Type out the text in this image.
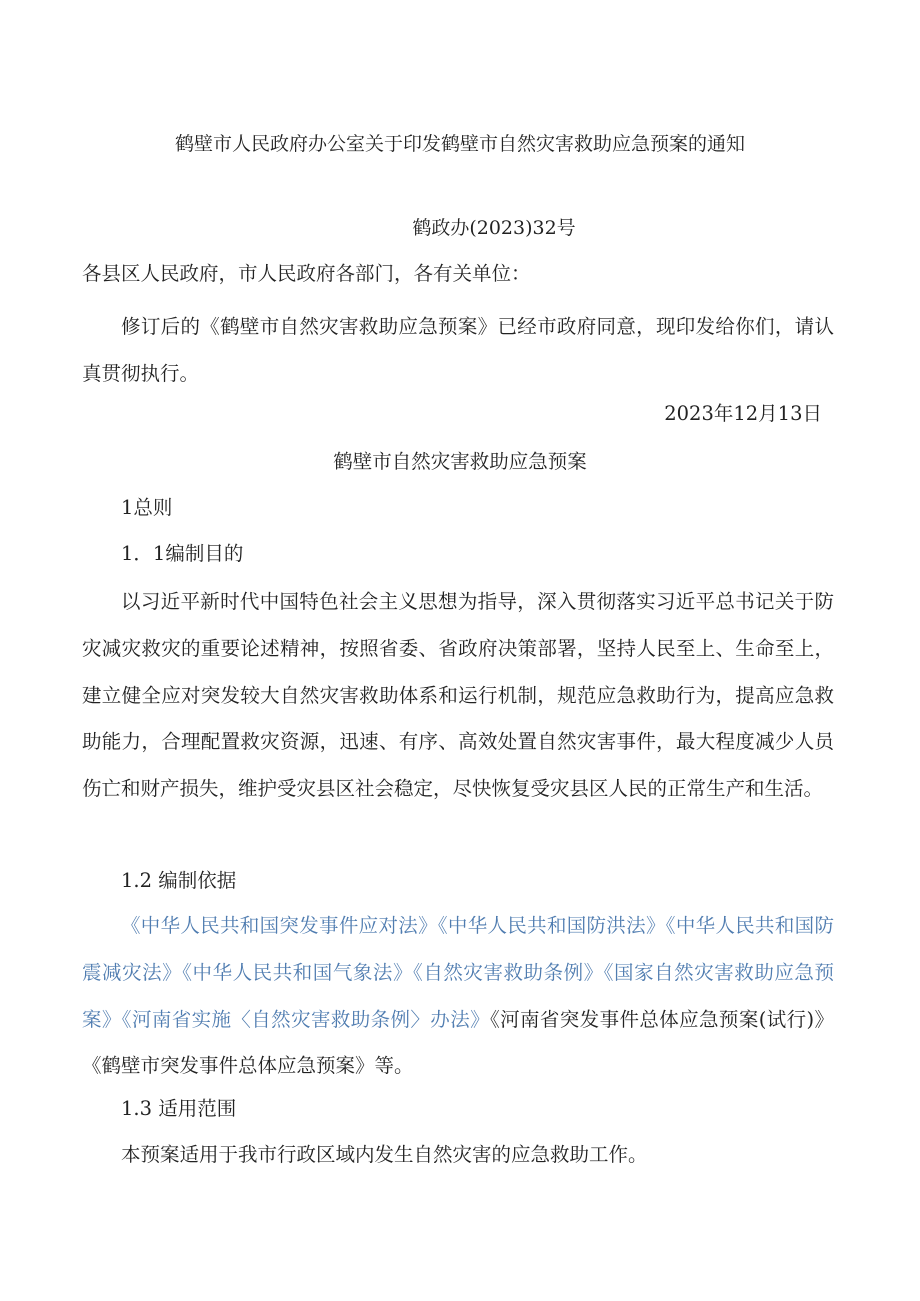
鹤壁市人民政府办公室关于印发鹤壁市自然灾害救助应急预案的通知
鹤政办(2023)32号
各县区人民政府，市人民政府各部门，各有关单位：

修订后的《鹤壁市自然灾害救助应急预案》已经市政府同意，现印发给你们，请认真贯彻执行。

2023年12月13日
鹤壁市自然灾害救助应急预案
1总则
1．1编制目的

以习近平新时代中国特色社会主义思想为指导，深入贯彻落实习近平总书记关于防灾减灾救灾的重要论述精神，按照省委、省政府决策部署，坚持人民至上、生命至上，建立健全应对突发较大自然灾害救助体系和运行机制，规范应急救助行为，提高应急救助能力，合理配置救灾资源，迅速、有序、高效处置自然灾害事件，最大程度减少人员伤亡和财产损失，维护受灾县区社会稳定，尽快恢复受灾县区人民的正常生产和生活。

1.2 编制依据

《中华人民共和国突发事件应对法》《中华人民共和国防洪法》《中华人民共和国防震减灾法》《中华人民共和国气象法》《自然灾害救助条例》《国家自然灾害救助应急预案》《河南省实施〈自然灾害救助条例〉办法》《河南省突发事件总体应急预案(试行)》《鹤壁市突发事件总体应急预案》等。

1.3 适用范围
本预案适用于我市行政区域内发生自然灾害的应急救助工作。
